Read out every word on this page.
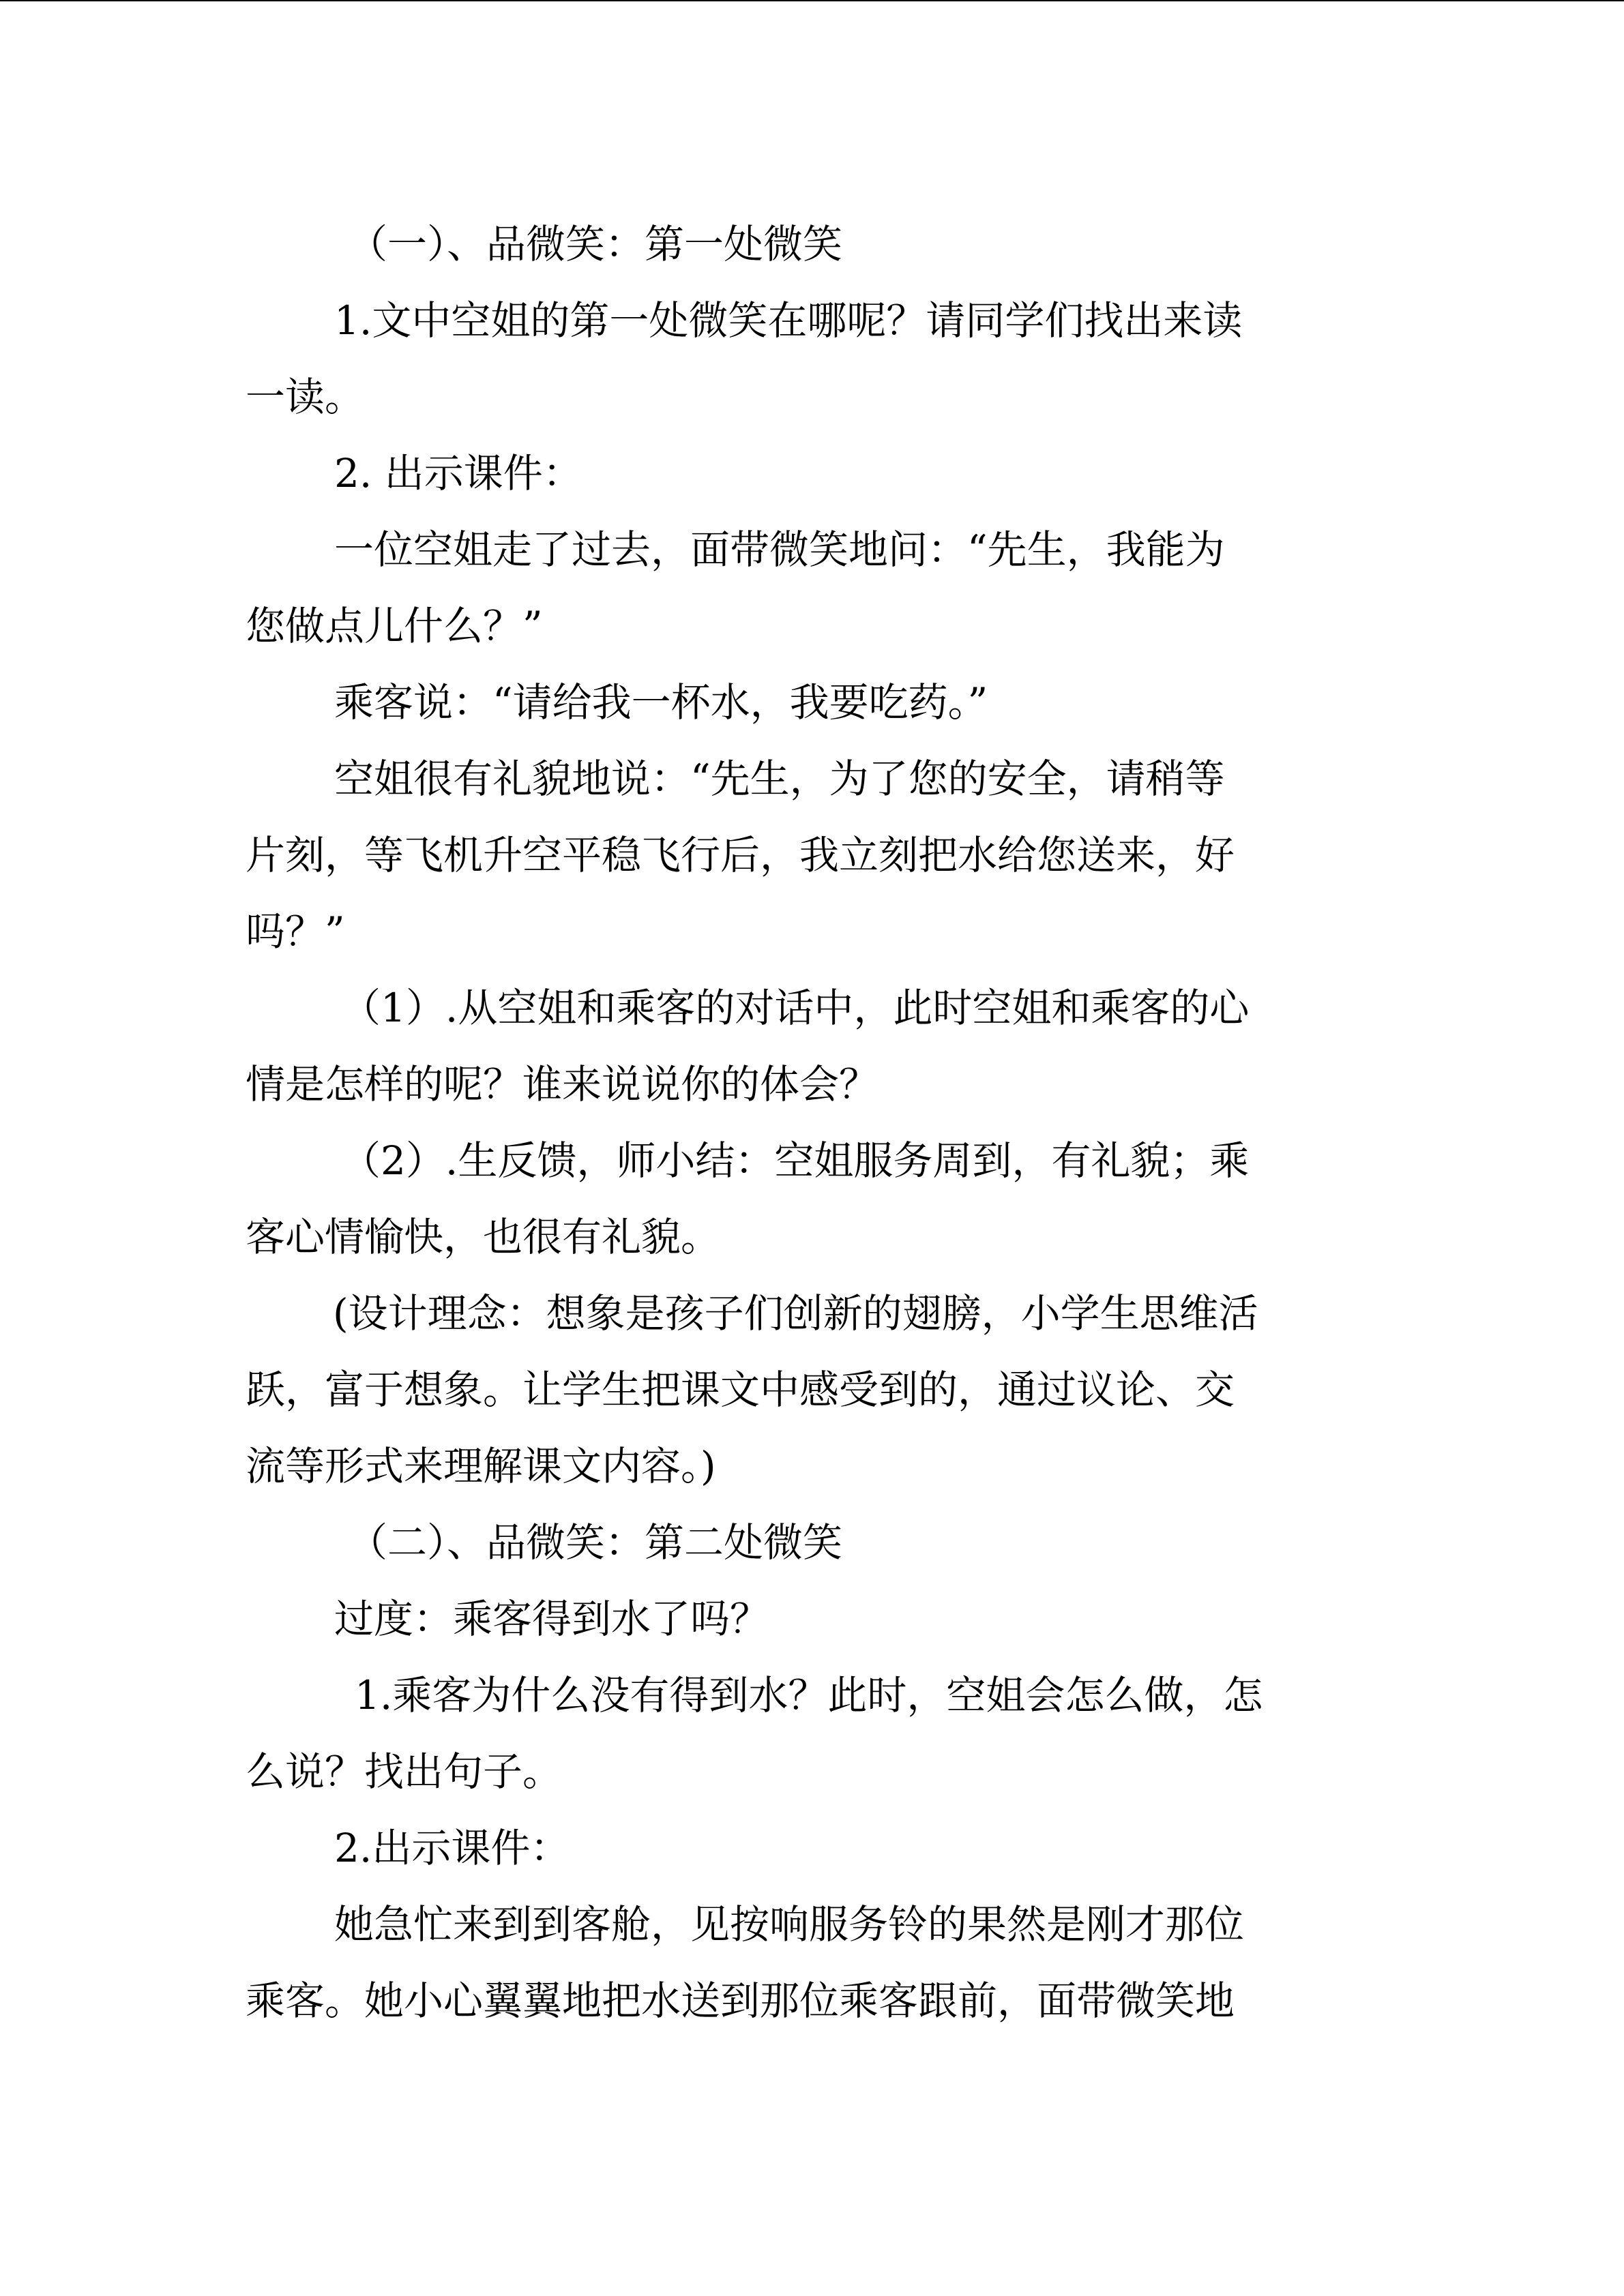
（一）、品微笑：第一处微笑
1.文中空姐的第一处微笑在哪呢？请同学们找出来读
一读。
2. 出示课件：
一位空姐走了过去，面带微笑地问：“先生，我能为
您做点儿什么？”
乘客说：“请给我一杯水，我要吃药。”
空姐很有礼貌地说：“先生，为了您的安全，请稍等
片刻，等飞机升空平稳飞行后，我立刻把水给您送来，好
吗？”
（1）.从空姐和乘客的对话中，此时空姐和乘客的心
情是怎样的呢？谁来说说你的体会？
（2）.生反馈，师小结：空姐服务周到，有礼貌；乘
客心情愉快，也很有礼貌。
(设计理念：想象是孩子们创新的翅膀，小学生思维活
跃，富于想象。让学生把课文中感受到的，通过议论、交
流等形式来理解课文内容。)
（二）、品微笑：第二处微笑
过度：乘客得到水了吗？
1.乘客为什么没有得到水？此时，空姐会怎么做，怎
么说？找出句子。
2.出示课件：
她急忙来到到客舱，见按响服务铃的果然是刚才那位
乘客。她小心翼翼地把水送到那位乘客跟前，面带微笑地
